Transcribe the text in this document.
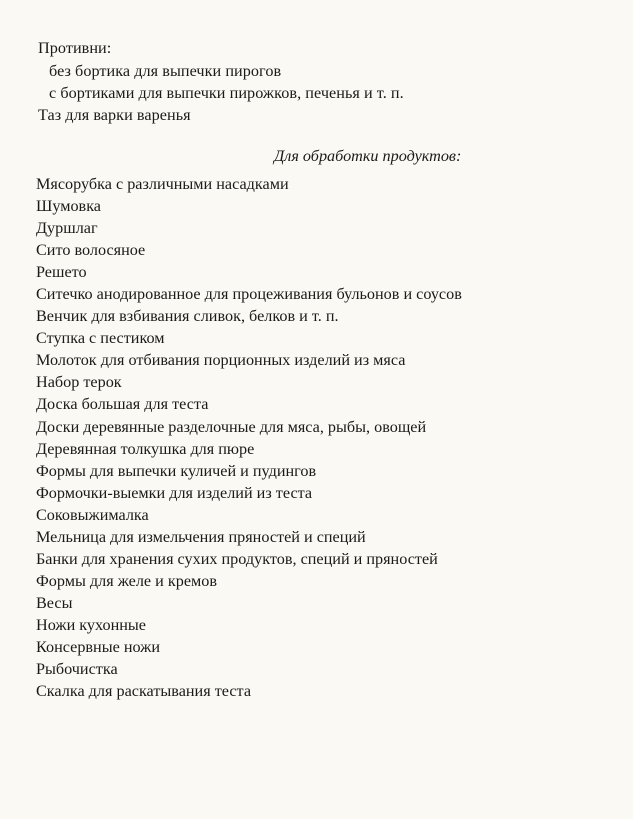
Противни:
без бортика для выпечки пирогов
с бортиками для выпечки пирожков, печенья и т. п.
Таз для варки варенья
Для обработки продуктов:
Мясорубка с различными насадками
Шумовка
Дуршлаг
Сито волосяное
Решето
Ситечко анодированное для процеживания бульонов и соусов
Венчик для взбивания сливок, белков и т. п.
Ступка с пестиком
Молоток для отбивания порционных изделий из мяса
Набор терок
Доска большая для теста
Доски деревянные разделочные для мяса, рыбы, овощей
Деревянная толкушка для пюре
Формы для выпечки куличей и пудингов
Формочки-выемки для изделий из теста
Соковыжималка
Мельница для измельчения пряностей и специй
Банки для хранения сухих продуктов, специй и пряностей
Формы для желе и кремов
Весы
Ножи кухонные
Консервные ножи
Рыбочистка
Скалка для раскатывания теста
